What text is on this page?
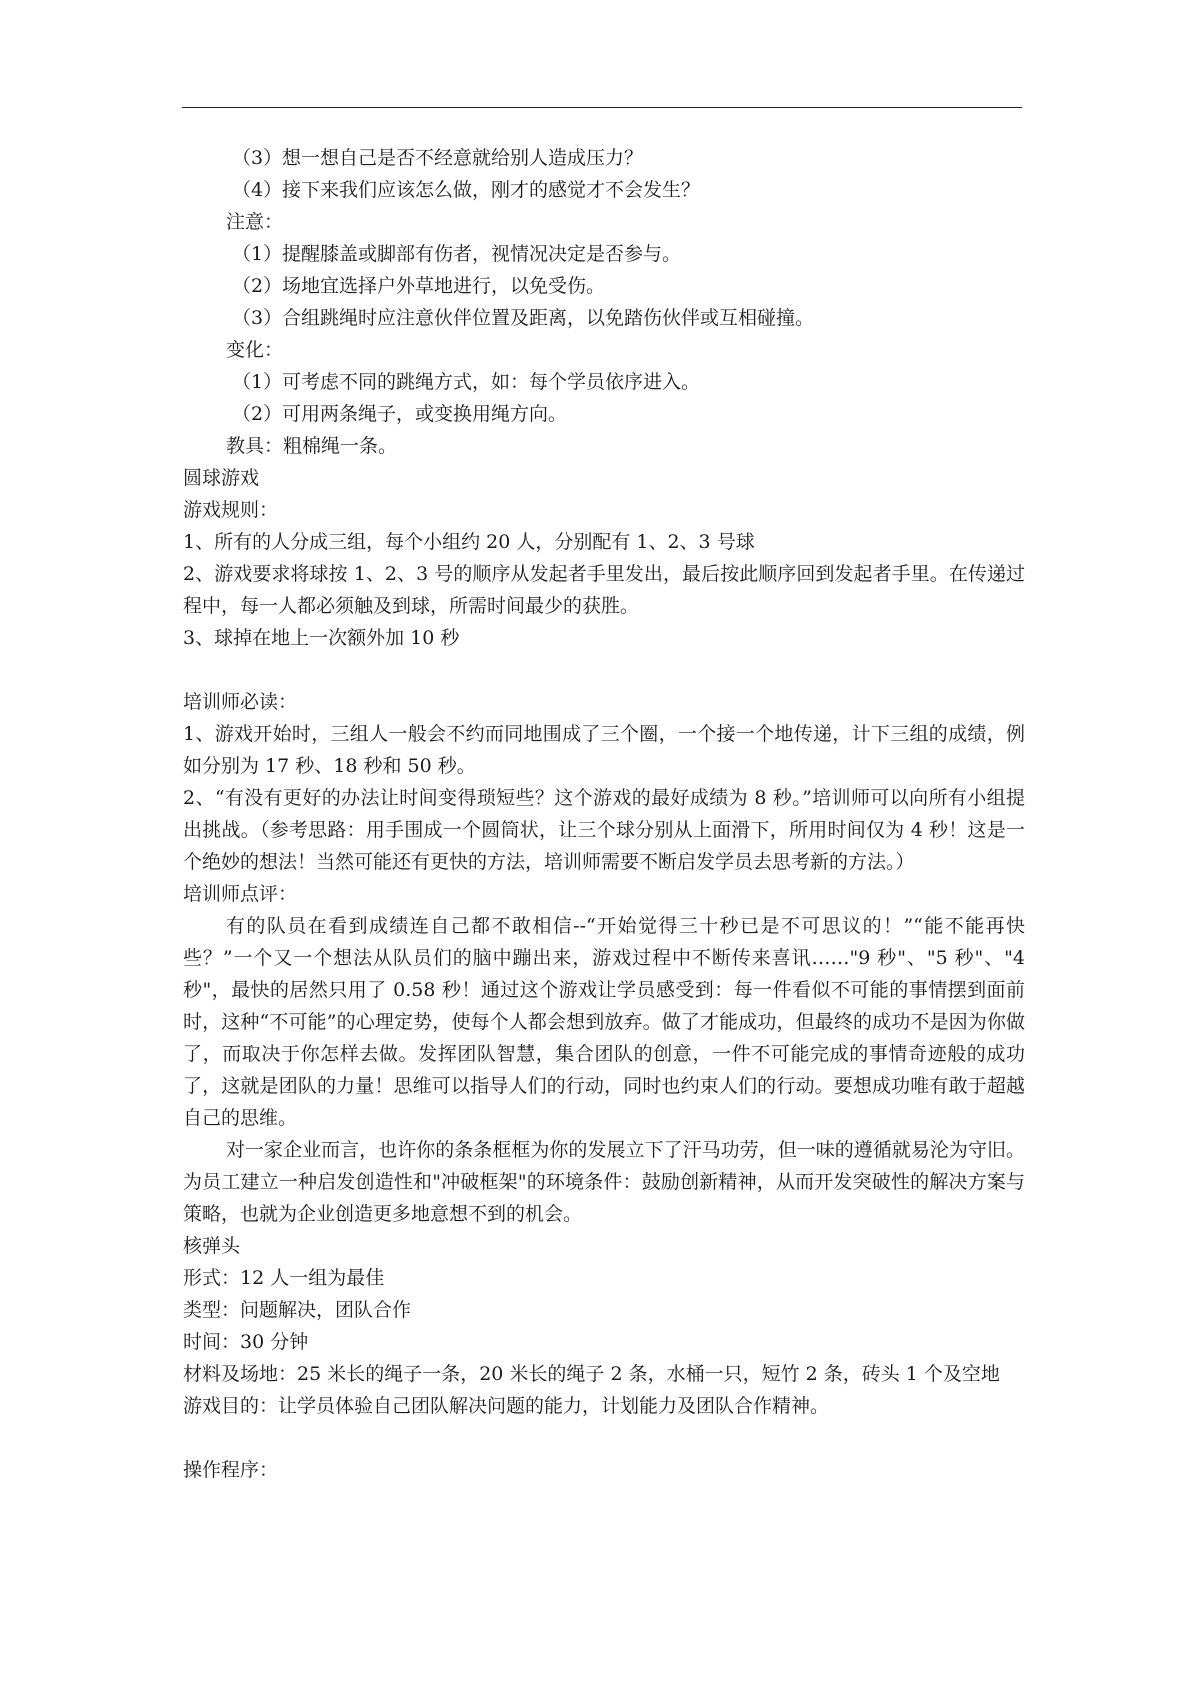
（3）想一想自己是否不经意就给别人造成压力？
（4）接下来我们应该怎么做，刚才的感觉才不会发生？
注意：
（1）提醒膝盖或脚部有伤者，视情况决定是否参与。
（2）场地宜选择户外草地进行，以免受伤。
（3）合组跳绳时应注意伙伴位置及距离，以免踏伤伙伴或互相碰撞。
变化：
（1）可考虑不同的跳绳方式，如：每个学员依序进入。
（2）可用两条绳子，或变换用绳方向。
教具：粗棉绳一条。
圆球游戏
游戏规则：
1、所有的人分成三组，每个小组约 20 人，分别配有 1、2、3 号球
2、游戏要求将球按 1、2、3 号的顺序从发起者手里发出，最后按此顺序回到发起者手里。在传递过程中，每一人都必须触及到球，所需时间最少的获胜。
3、球掉在地上一次额外加 10 秒
培训师必读：
1、游戏开始时，三组人一般会不约而同地围成了三个圈，一个接一个地传递，计下三组的成绩，例如分别为 17 秒、18 秒和 50 秒。
2、“有没有更好的办法让时间变得琐短些？这个游戏的最好成绩为 8 秒。”培训师可以向所有小组提出挑战。（参考思路：用手围成一个圆筒状，让三个球分别从上面滑下，所用时间仅为 4 秒！这是一个绝妙的想法！当然可能还有更快的方法，培训师需要不断启发学员去思考新的方法。）
培训师点评：
有的队员在看到成绩连自己都不敢相信--“开始觉得三十秒已是不可思议的！”“能不能再快些？”一个又一个想法从队员们的脑中蹦出来，游戏过程中不断传来喜讯……"9 秒"、"5 秒"、"4 秒"，最快的居然只用了 0.58 秒！通过这个游戏让学员感受到：每一件看似不可能的事情摆到面前时，这种“不可能”的心理定势，使每个人都会想到放弃。做了才能成功，但最终的成功不是因为你做了，而取决于你怎样去做。发挥团队智慧，集合团队的创意，一件不可能完成的事情奇迹般的成功了，这就是团队的力量！思维可以指导人们的行动，同时也约束人们的行动。要想成功唯有敢于超越自己的思维。
对一家企业而言，也许你的条条框框为你的发展立下了汗马功劳，但一味的遵循就易沦为守旧。为员工建立一种启发创造性和"冲破框架"的环境条件：鼓励创新精神，从而开发突破性的解决方案与策略，也就为企业创造更多地意想不到的机会。
核弹头
形式：12 人一组为最佳
类型：问题解决，团队合作
时间：30 分钟
材料及场地：25 米长的绳子一条，20 米长的绳子 2 条，水桶一只，短竹 2 条，砖头 1 个及空地
游戏目的：让学员体验自己团队解决问题的能力，计划能力及团队合作精神。
操作程序：
